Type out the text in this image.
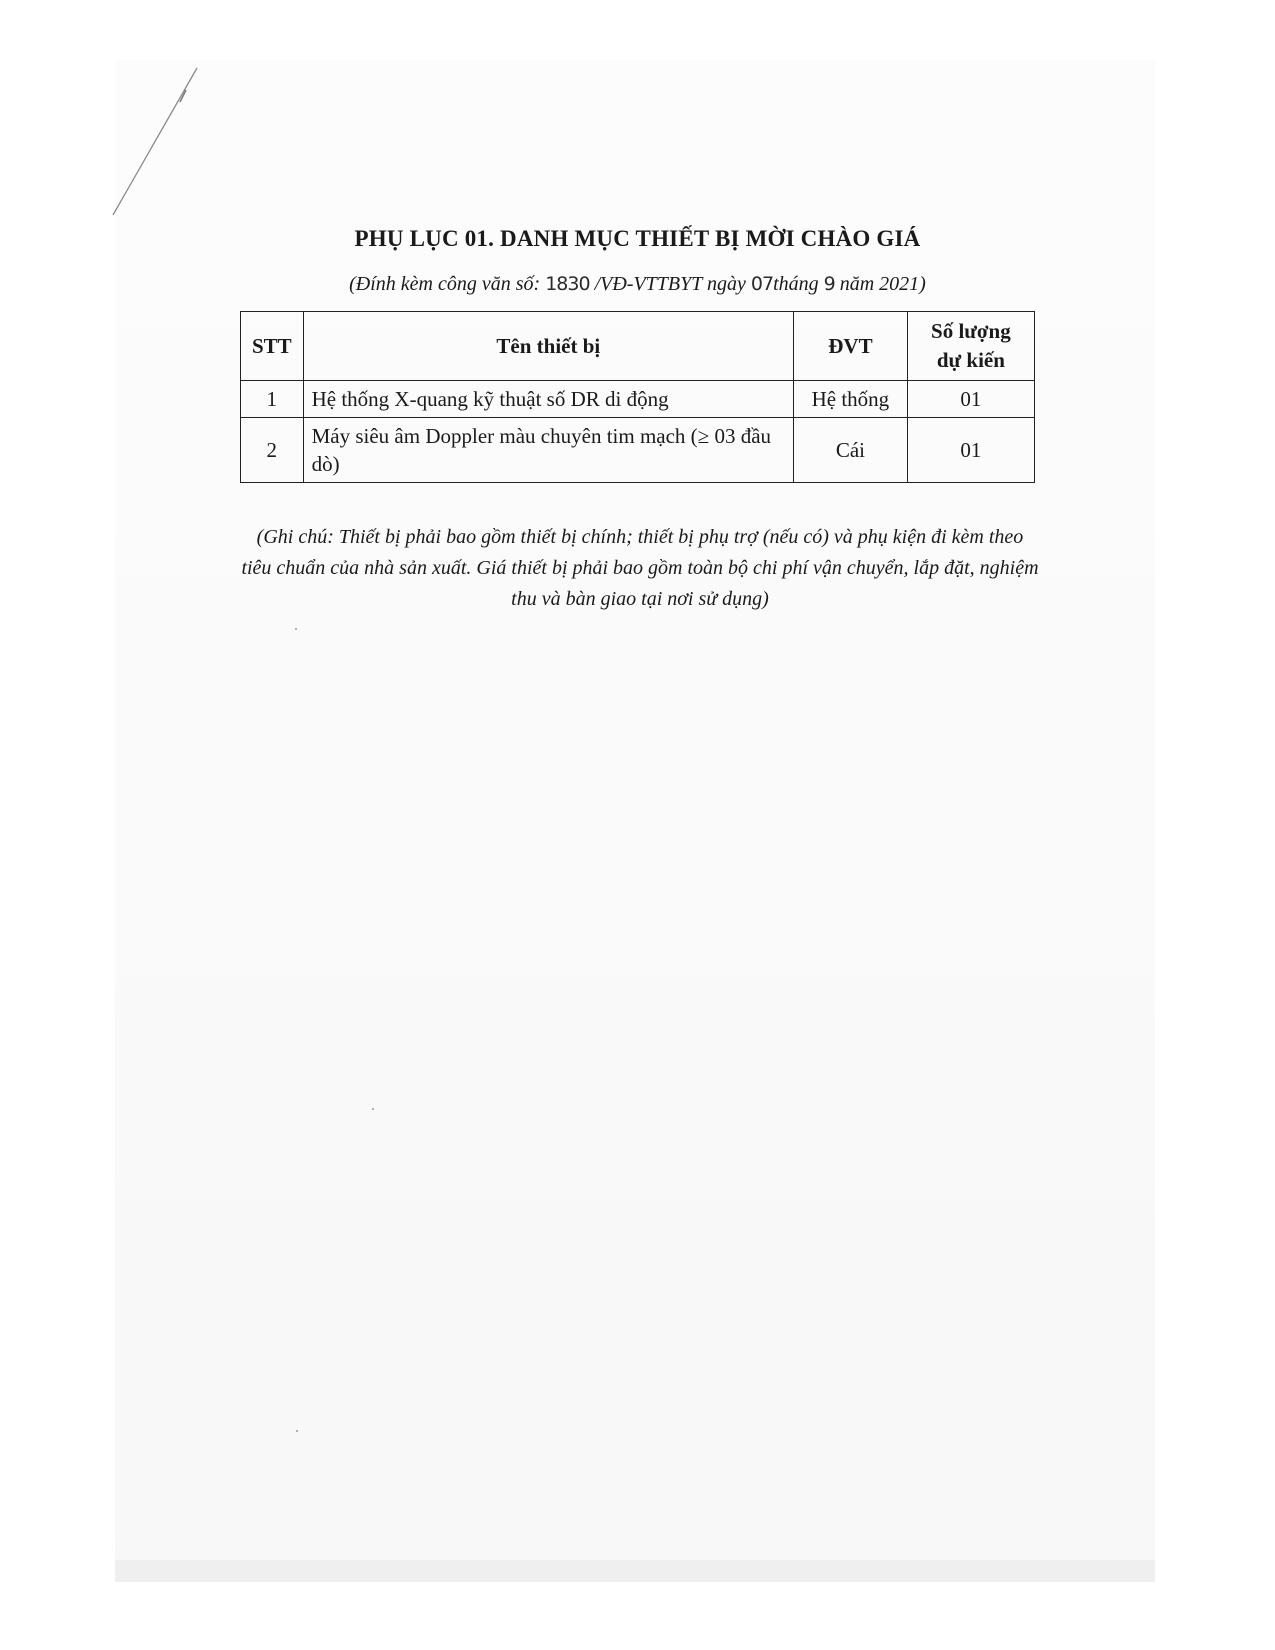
PHỤ LỤC 01. DANH MỤC THIẾT BỊ MỜI CHÀO GIÁ
(Đính kèm công văn số: 1830 /VĐ-VTTBYT ngày 07tháng 9 năm 2021)
STT	Tên thiết bị	ĐVT	Số lượng
dự kiến
1	Hệ thống X-quang kỹ thuật số DR di động	Hệ thống	01
2	Máy siêu âm Doppler màu chuyên tim mạch (≥ 03 đầu dò)	Cái	01
(Ghi chú: Thiết bị phải bao gồm thiết bị chính; thiết bị phụ trợ (nếu có) và phụ kiện đi kèm theo tiêu chuẩn của nhà sản xuất. Giá thiết bị phải bao gồm toàn bộ chi phí vận chuyển, lắp đặt, nghiệm thu và bàn giao tại nơi sử dụng)
